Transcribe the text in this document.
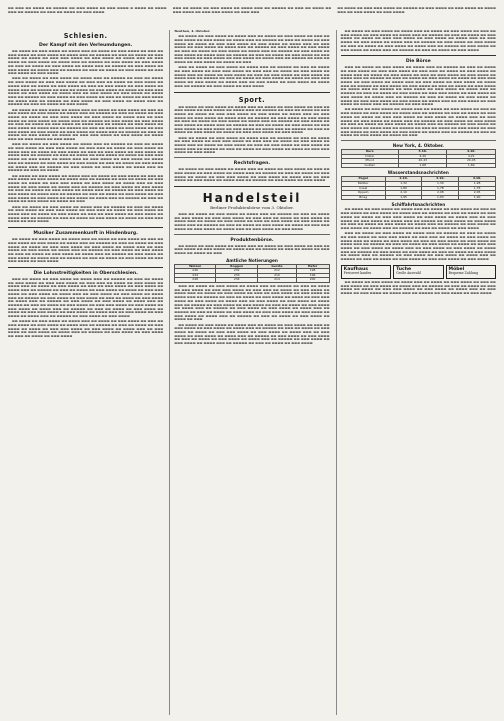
▬▬ ▬▬▬ ▬▬ ▬▬▬▬ ▬▬ ▬▬▬▬▬ ▬▬ ▬▬▬ ▬▬▬▬ ▬▬ ▬▬▬ ▬▬▬▬ ▬ ▬▬▬▬ ▬▬ ▬▬▬▬ ▬▬▬ ▬▬ ▬▬▬▬▬ ▬▬ ▬▬▬ ▬▬ ▬▬▬▬ ▬▬ ▬▬▬ ▬▬▬▬
▬▬▬ ▬▬ ▬▬▬▬ ▬▬ ▬▬▬ ▬▬▬▬ ▬▬ ▬▬▬▬ ▬▬▬ ▬▬ ▬▬▬▬▬ ▬▬ ▬▬▬ ▬▬ ▬▬▬▬ ▬▬ ▬▬▬ ▬▬▬▬ ▬▬ ▬▬▬ ▬▬▬ ▬▬▬▬ ▬▬ ▬▬▬ ▬▬▬
▬▬ ▬▬▬▬ ▬▬ ▬▬▬ ▬▬▬ ▬▬▬▬ ▬▬ ▬▬▬▬▬ ▬▬ ▬▬▬ ▬▬▬▬ ▬▬ ▬▬▬ ▬▬▬▬ ▬▬ ▬▬▬▬ ▬▬▬ ▬▬ ▬▬▬ ▬▬▬▬ ▬▬ ▬▬▬ ▬▬▬▬
Schlesien.
Der Kampf mit den Verleumdungen.
▬▬ ▬▬▬▬ ▬▬ ▬▬▬ ▬▬▬▬ ▬▬ ▬▬▬▬ ▬▬▬ ▬▬ ▬▬▬▬ ▬▬ ▬▬▬ ▬▬▬▬ ▬▬ ▬▬▬ ▬▬ ▬▬▬ ▬▬▬▬ ▬▬ ▬▬▬ ▬▬▬▬ ▬▬ ▬▬▬▬ ▬▬▬ ▬▬ ▬▬▬▬▬ ▬▬ ▬▬▬ ▬▬ ▬▬▬▬ ▬▬ ▬▬▬ ▬▬▬▬ ▬▬ ▬▬▬▬ ▬▬ ▬▬▬ ▬▬▬ ▬▬▬▬ ▬▬ ▬▬▬ ▬▬▬▬ ▬▬ ▬▬▬▬ ▬▬▬ ▬▬ ▬▬▬ ▬▬▬▬ ▬▬ ▬▬▬ ▬▬▬▬ ▬▬ ▬▬▬▬ ▬▬▬ ▬▬ ▬▬▬▬▬ ▬▬ ▬▬▬ ▬▬▬▬ ▬▬ ▬▬▬ ▬▬▬▬ ▬▬ ▬▬▬ ▬▬ ▬▬▬▬ ▬▬ ▬▬▬ ▬▬▬▬ ▬▬ ▬▬▬▬ ▬▬▬ ▬▬ ▬▬▬▬▬ ▬▬ ▬▬▬ ▬▬▬▬ ▬▬ ▬▬▬ ▬▬▬▬ ▬▬ ▬▬▬▬ ▬▬▬ ▬▬ ▬▬▬▬▬ ▬▬ ▬▬▬ ▬▬ ▬▬▬▬ ▬▬ ▬▬▬ ▬▬▬▬ ▬▬ ▬▬▬ ▬▬▬ ▬▬▬▬ ▬▬ ▬▬▬ ▬▬▬▬
▬▬▬ ▬▬ ▬▬▬▬ ▬▬ ▬▬▬ ▬▬▬▬ ▬▬ ▬▬▬▬ ▬▬▬ ▬▬ ▬▬▬▬▬ ▬▬ ▬▬▬ ▬▬ ▬▬▬▬ ▬▬ ▬▬▬ ▬▬▬▬ ▬▬ ▬▬▬ ▬▬▬ ▬▬▬▬ ▬▬ ▬▬▬ ▬▬▬ ▬▬ ▬▬▬▬ ▬▬ ▬▬▬ ▬▬▬▬ ▬▬ ▬▬▬▬ ▬▬▬ ▬▬ ▬▬▬▬ ▬▬ ▬▬▬ ▬▬▬▬ ▬▬ ▬▬▬ ▬▬ ▬▬▬ ▬▬▬▬ ▬▬ ▬▬▬ ▬▬▬▬ ▬▬ ▬▬▬▬ ▬▬▬ ▬▬ ▬▬▬▬▬ ▬▬ ▬▬▬ ▬▬ ▬▬▬▬ ▬▬ ▬▬▬ ▬▬▬▬ ▬▬ ▬▬▬▬ ▬▬ ▬▬▬ ▬▬▬ ▬▬▬▬ ▬▬ ▬▬▬ ▬▬▬▬ ▬▬ ▬▬▬▬ ▬▬▬ ▬▬ ▬▬▬ ▬▬▬▬ ▬▬ ▬▬▬ ▬▬▬▬ ▬▬ ▬▬▬▬ ▬▬▬ ▬▬ ▬▬▬▬▬ ▬▬ ▬▬▬ ▬▬▬▬ ▬▬ ▬▬▬ ▬▬▬▬ ▬▬ ▬▬▬ ▬▬ ▬▬▬▬ ▬▬ ▬▬▬ ▬▬▬▬ ▬▬ ▬▬▬▬ ▬▬▬ ▬▬ ▬▬▬▬▬ ▬▬ ▬▬▬ ▬▬▬▬ ▬▬ ▬▬▬ ▬▬▬▬ ▬▬ ▬▬▬▬ ▬▬▬ ▬▬ ▬▬▬▬▬ ▬▬ ▬▬▬ ▬▬ ▬▬▬▬ ▬▬ ▬▬▬ ▬▬▬▬
▬▬ ▬▬▬▬ ▬▬ ▬▬▬ ▬▬▬▬ ▬▬ ▬▬▬▬ ▬▬▬ ▬▬ ▬▬▬▬ ▬▬ ▬▬▬ ▬▬▬▬ ▬▬ ▬▬▬ ▬▬ ▬▬▬ ▬▬▬▬ ▬▬ ▬▬▬ ▬▬▬▬ ▬▬ ▬▬▬▬ ▬▬▬ ▬▬ ▬▬▬▬▬ ▬▬ ▬▬▬ ▬▬ ▬▬▬▬ ▬▬ ▬▬▬ ▬▬▬▬ ▬▬ ▬▬▬▬ ▬▬ ▬▬▬ ▬▬▬ ▬▬▬▬ ▬▬ ▬▬▬ ▬▬▬▬ ▬▬ ▬▬▬▬ ▬▬▬ ▬▬ ▬▬▬ ▬▬▬▬ ▬▬ ▬▬▬ ▬▬▬▬ ▬▬ ▬▬▬▬ ▬▬▬ ▬▬ ▬▬▬▬▬ ▬▬ ▬▬▬ ▬▬▬▬ ▬▬ ▬▬▬ ▬▬▬▬ ▬▬ ▬▬▬ ▬▬ ▬▬▬▬ ▬▬ ▬▬▬ ▬▬▬▬ ▬▬ ▬▬▬▬ ▬▬▬ ▬▬ ▬▬▬▬▬ ▬▬ ▬▬▬ ▬▬▬▬ ▬▬ ▬▬▬ ▬▬▬▬ ▬▬ ▬▬▬▬ ▬▬▬ ▬▬ ▬▬▬▬▬ ▬▬ ▬▬▬ ▬▬ ▬▬▬▬ ▬▬ ▬▬▬ ▬▬▬▬ ▬▬ ▬▬▬ ▬▬▬ ▬▬▬▬ ▬▬ ▬▬▬ ▬▬▬▬ ▬▬ ▬▬▬ ▬▬▬▬ ▬▬ ▬▬▬▬ ▬▬▬ ▬▬ ▬▬▬▬▬ ▬▬ ▬▬▬ ▬▬ ▬▬▬▬ ▬▬ ▬▬▬ ▬▬▬▬ ▬▬ ▬▬▬▬ ▬▬ ▬▬▬ ▬▬▬ ▬▬▬▬ ▬▬ ▬▬▬ ▬▬▬▬ ▬▬ ▬▬▬▬ ▬▬▬ ▬▬ ▬▬▬ ▬▬▬▬ ▬▬ ▬▬▬ ▬▬▬▬
▬▬▬ ▬▬ ▬▬▬▬ ▬▬ ▬▬▬ ▬▬▬▬ ▬▬ ▬▬▬▬ ▬▬▬ ▬▬ ▬▬▬▬▬ ▬▬ ▬▬▬ ▬▬ ▬▬▬▬ ▬▬ ▬▬▬ ▬▬▬▬ ▬▬ ▬▬▬ ▬▬▬ ▬▬▬▬ ▬▬ ▬▬▬ ▬▬▬ ▬▬ ▬▬▬▬ ▬▬ ▬▬▬ ▬▬▬▬ ▬▬ ▬▬▬▬ ▬▬▬ ▬▬ ▬▬▬▬ ▬▬ ▬▬▬ ▬▬▬▬ ▬▬ ▬▬▬ ▬▬ ▬▬▬ ▬▬▬▬ ▬▬ ▬▬▬ ▬▬▬▬ ▬▬ ▬▬▬▬ ▬▬▬ ▬▬ ▬▬▬▬▬ ▬▬ ▬▬▬ ▬▬ ▬▬▬▬ ▬▬ ▬▬▬ ▬▬▬▬ ▬▬ ▬▬▬▬ ▬▬ ▬▬▬ ▬▬▬ ▬▬▬▬ ▬▬ ▬▬▬ ▬▬▬▬ ▬▬ ▬▬▬▬ ▬▬▬ ▬▬ ▬▬▬ ▬▬▬▬ ▬▬ ▬▬▬ ▬▬▬▬ ▬▬ ▬▬▬▬ ▬▬▬ ▬▬ ▬▬▬▬▬ ▬▬ ▬▬▬ ▬▬▬▬ ▬▬ ▬▬▬ ▬▬▬▬ ▬▬ ▬▬▬ ▬▬ ▬▬▬▬ ▬▬ ▬▬▬ ▬▬▬▬ ▬▬ ▬▬▬▬ ▬▬▬ ▬▬ ▬▬▬▬▬ ▬▬ ▬▬▬ ▬▬▬▬ ▬▬ ▬▬▬ ▬▬▬▬ ▬▬ ▬▬▬▬ ▬▬▬ ▬▬ ▬▬▬▬▬ ▬▬ ▬▬▬ ▬▬ ▬▬▬▬
▬▬ ▬▬▬▬ ▬▬ ▬▬▬ ▬▬▬▬ ▬▬ ▬▬▬▬ ▬▬▬ ▬▬ ▬▬▬▬ ▬▬ ▬▬▬ ▬▬▬▬ ▬▬ ▬▬▬ ▬▬ ▬▬▬ ▬▬▬▬ ▬▬ ▬▬▬ ▬▬▬▬ ▬▬ ▬▬▬▬ ▬▬▬ ▬▬ ▬▬▬▬▬ ▬▬ ▬▬▬ ▬▬ ▬▬▬▬ ▬▬ ▬▬▬ ▬▬▬▬ ▬▬ ▬▬▬▬ ▬▬ ▬▬▬ ▬▬▬ ▬▬▬▬ ▬▬ ▬▬▬ ▬▬▬▬ ▬▬ ▬▬▬▬ ▬▬▬ ▬▬ ▬▬▬ ▬▬▬▬ ▬▬ ▬▬▬ ▬▬▬▬ ▬▬ ▬▬▬▬ ▬▬▬ ▬▬ ▬▬▬▬▬ ▬▬ ▬▬▬ ▬▬▬▬ ▬▬ ▬▬▬ ▬▬▬▬ ▬▬ ▬▬▬ ▬▬ ▬▬▬▬ ▬▬ ▬▬▬ ▬▬▬▬ ▬▬ ▬▬▬▬ ▬▬▬ ▬▬ ▬▬▬▬▬ ▬▬ ▬▬▬ ▬▬▬▬ ▬▬ ▬▬▬ ▬▬▬▬ ▬▬ ▬▬▬▬ ▬▬▬ ▬▬ ▬▬▬▬▬ ▬▬ ▬▬▬ ▬▬ ▬▬▬▬ ▬▬ ▬▬▬ ▬▬▬▬ ▬▬ ▬▬▬ ▬▬▬ ▬▬▬▬ ▬▬ ▬▬▬ ▬▬▬▬ ▬▬ ▬▬▬ ▬▬▬▬ ▬▬ ▬▬▬▬ ▬▬▬ ▬▬ ▬▬▬▬▬ ▬▬ ▬▬▬ ▬▬ ▬▬▬▬ ▬▬ ▬▬▬ ▬▬▬▬ ▬▬ ▬▬▬▬ ▬▬ ▬▬▬
▬▬▬ ▬▬ ▬▬▬▬ ▬▬ ▬▬▬ ▬▬▬▬ ▬▬ ▬▬▬▬ ▬▬▬ ▬▬ ▬▬▬▬▬ ▬▬ ▬▬▬ ▬▬ ▬▬▬▬ ▬▬ ▬▬▬ ▬▬▬▬ ▬▬ ▬▬▬ ▬▬▬ ▬▬▬▬ ▬▬ ▬▬▬ ▬▬▬ ▬▬ ▬▬▬▬ ▬▬ ▬▬▬ ▬▬▬▬ ▬▬ ▬▬▬▬ ▬▬▬ ▬▬ ▬▬▬▬ ▬▬ ▬▬▬ ▬▬▬▬ ▬▬ ▬▬▬ ▬▬ ▬▬▬ ▬▬▬▬ ▬▬ ▬▬▬ ▬▬▬▬ ▬▬ ▬▬▬▬ ▬▬▬ ▬▬ ▬▬▬▬▬ ▬▬ ▬▬▬ ▬▬ ▬▬▬▬ ▬▬ ▬▬▬ ▬▬▬▬ ▬▬ ▬▬▬▬ ▬▬ ▬▬▬ ▬▬▬ ▬▬▬▬ ▬▬ ▬▬▬ ▬▬▬▬
Musiker Zusammenkunft in Hindenburg.
▬▬ ▬▬▬▬ ▬▬ ▬▬▬ ▬▬▬▬ ▬▬ ▬▬▬▬ ▬▬▬ ▬▬ ▬▬▬▬ ▬▬ ▬▬▬ ▬▬▬▬ ▬▬ ▬▬▬ ▬▬ ▬▬▬ ▬▬▬▬ ▬▬ ▬▬▬ ▬▬▬▬ ▬▬ ▬▬▬▬ ▬▬▬ ▬▬ ▬▬▬▬▬ ▬▬ ▬▬▬ ▬▬ ▬▬▬▬ ▬▬ ▬▬▬ ▬▬▬▬ ▬▬ ▬▬▬▬ ▬▬ ▬▬▬ ▬▬▬ ▬▬▬▬ ▬▬ ▬▬▬ ▬▬▬▬ ▬▬ ▬▬▬▬ ▬▬▬ ▬▬ ▬▬▬ ▬▬▬▬ ▬▬ ▬▬▬ ▬▬▬▬ ▬▬ ▬▬▬▬ ▬▬▬ ▬▬ ▬▬▬▬▬ ▬▬ ▬▬▬ ▬▬▬▬ ▬▬ ▬▬▬ ▬▬▬▬ ▬▬ ▬▬▬ ▬▬ ▬▬▬▬ ▬▬ ▬▬▬ ▬▬▬▬ ▬▬ ▬▬▬▬ ▬▬▬ ▬▬ ▬▬▬▬▬ ▬▬ ▬▬▬ ▬▬▬▬ ▬▬ ▬▬▬ ▬▬▬▬ ▬▬ ▬▬▬▬ ▬▬▬ ▬▬ ▬▬▬▬▬ ▬▬ ▬▬▬ ▬▬ ▬▬▬▬ ▬▬ ▬▬▬ ▬▬▬▬ ▬▬ ▬▬▬ ▬▬▬ ▬▬▬▬ ▬▬ ▬▬▬ ▬▬▬▬
Die Lohnstreitigkeiten in Oberschlesien.
▬▬▬ ▬▬ ▬▬▬▬ ▬▬ ▬▬▬ ▬▬▬▬ ▬▬ ▬▬▬▬ ▬▬▬ ▬▬ ▬▬▬▬▬ ▬▬ ▬▬▬ ▬▬ ▬▬▬▬ ▬▬ ▬▬▬ ▬▬▬▬ ▬▬ ▬▬▬ ▬▬▬ ▬▬▬▬ ▬▬ ▬▬▬ ▬▬▬ ▬▬ ▬▬▬▬ ▬▬ ▬▬▬ ▬▬▬▬ ▬▬ ▬▬▬▬ ▬▬▬ ▬▬ ▬▬▬▬ ▬▬ ▬▬▬ ▬▬▬▬ ▬▬ ▬▬▬ ▬▬ ▬▬▬ ▬▬▬▬ ▬▬ ▬▬▬ ▬▬▬▬ ▬▬ ▬▬▬▬ ▬▬▬ ▬▬ ▬▬▬▬▬ ▬▬ ▬▬▬ ▬▬ ▬▬▬▬ ▬▬ ▬▬▬ ▬▬▬▬ ▬▬ ▬▬▬▬ ▬▬ ▬▬▬ ▬▬▬ ▬▬▬▬ ▬▬ ▬▬▬ ▬▬▬▬ ▬▬ ▬▬▬▬ ▬▬▬ ▬▬ ▬▬▬ ▬▬▬▬ ▬▬ ▬▬▬ ▬▬▬▬ ▬▬ ▬▬▬▬ ▬▬▬ ▬▬ ▬▬▬▬▬ ▬▬ ▬▬▬ ▬▬▬▬ ▬▬ ▬▬▬ ▬▬▬▬ ▬▬ ▬▬▬ ▬▬ ▬▬▬▬ ▬▬ ▬▬▬ ▬▬▬▬ ▬▬ ▬▬▬▬ ▬▬▬ ▬▬ ▬▬▬▬▬ ▬▬ ▬▬▬ ▬▬▬▬ ▬▬ ▬▬▬ ▬▬▬▬ ▬▬ ▬▬▬▬ ▬▬▬ ▬▬ ▬▬▬▬▬ ▬▬ ▬▬▬ ▬▬ ▬▬▬▬ ▬▬ ▬▬▬ ▬▬▬▬ ▬▬ ▬▬▬ ▬▬▬ ▬▬▬▬ ▬▬ ▬▬▬ ▬▬▬▬ ▬▬ ▬▬▬ ▬▬▬▬ ▬▬ ▬▬▬▬ ▬▬▬ ▬▬ ▬▬▬▬▬ ▬▬ ▬▬▬ ▬▬ ▬▬▬▬ ▬▬ ▬▬▬ ▬▬▬▬ ▬▬ ▬▬▬▬ ▬▬ ▬▬▬ ▬▬▬ ▬▬▬▬ ▬▬ ▬▬▬ ▬▬▬▬ ▬▬ ▬▬▬▬ ▬▬▬ ▬▬ ▬▬▬ ▬▬▬▬ ▬▬ ▬▬▬ ▬▬▬▬ ▬▬ ▬▬▬▬ ▬▬▬ ▬▬ ▬▬▬▬▬ ▬▬ ▬▬▬ ▬▬▬▬ ▬▬ ▬▬▬ ▬▬▬▬
▬▬ ▬▬▬▬ ▬▬ ▬▬▬ ▬▬▬▬ ▬▬ ▬▬▬▬ ▬▬▬ ▬▬ ▬▬▬▬ ▬▬ ▬▬▬ ▬▬▬▬ ▬▬ ▬▬▬ ▬▬ ▬▬▬ ▬▬▬▬ ▬▬ ▬▬▬ ▬▬▬▬ ▬▬ ▬▬▬▬ ▬▬▬ ▬▬ ▬▬▬▬▬ ▬▬ ▬▬▬ ▬▬ ▬▬▬▬ ▬▬ ▬▬▬ ▬▬▬▬ ▬▬ ▬▬▬▬ ▬▬ ▬▬▬ ▬▬▬ ▬▬▬▬ ▬▬ ▬▬▬ ▬▬▬▬ ▬▬ ▬▬▬▬ ▬▬▬ ▬▬ ▬▬▬ ▬▬▬▬ ▬▬ ▬▬▬ ▬▬▬▬ ▬▬ ▬▬▬▬ ▬▬▬ ▬▬ ▬▬▬▬▬ ▬▬ ▬▬▬ ▬▬▬▬ ▬▬ ▬▬▬ ▬▬▬▬ ▬▬ ▬▬▬ ▬▬ ▬▬▬▬ ▬▬ ▬▬▬ ▬▬▬▬
Beuthen, 4. Oktober.
▬▬ ▬▬▬▬ ▬▬ ▬▬▬ ▬▬▬▬ ▬▬ ▬▬▬▬ ▬▬▬ ▬▬ ▬▬▬▬ ▬▬ ▬▬▬ ▬▬▬▬ ▬▬ ▬▬▬ ▬▬ ▬▬▬ ▬▬▬▬ ▬▬ ▬▬▬ ▬▬▬▬ ▬▬ ▬▬▬▬ ▬▬▬ ▬▬ ▬▬▬▬▬ ▬▬ ▬▬▬ ▬▬ ▬▬▬▬ ▬▬ ▬▬▬ ▬▬▬▬ ▬▬ ▬▬▬▬ ▬▬ ▬▬▬ ▬▬▬ ▬▬▬▬ ▬▬ ▬▬▬ ▬▬▬▬ ▬▬ ▬▬▬▬ ▬▬▬ ▬▬ ▬▬▬ ▬▬▬▬ ▬▬ ▬▬▬ ▬▬▬▬ ▬▬ ▬▬▬▬ ▬▬▬ ▬▬ ▬▬▬▬▬ ▬▬ ▬▬▬ ▬▬▬▬ ▬▬ ▬▬▬ ▬▬▬▬ ▬▬ ▬▬▬ ▬▬ ▬▬▬▬ ▬▬ ▬▬▬ ▬▬▬▬ ▬▬ ▬▬▬▬ ▬▬▬ ▬▬ ▬▬▬▬▬ ▬▬ ▬▬▬ ▬▬▬▬ ▬▬ ▬▬▬ ▬▬▬▬ ▬▬ ▬▬▬▬ ▬▬▬ ▬▬ ▬▬▬▬▬ ▬▬ ▬▬▬ ▬▬ ▬▬▬▬ ▬▬ ▬▬▬ ▬▬▬▬ ▬▬ ▬▬▬ ▬▬▬ ▬▬▬▬ ▬▬ ▬▬▬ ▬▬▬▬ ▬▬ ▬▬▬ ▬▬▬▬ ▬▬ ▬▬▬▬ ▬▬▬ ▬▬ ▬▬▬▬▬ ▬▬ ▬▬▬ ▬▬ ▬▬▬▬ ▬▬ ▬▬▬ ▬▬▬▬ ▬▬ ▬▬▬▬ ▬▬ ▬▬▬
▬▬▬ ▬▬ ▬▬▬▬ ▬▬ ▬▬▬ ▬▬▬▬ ▬▬ ▬▬▬▬ ▬▬▬ ▬▬ ▬▬▬▬▬ ▬▬ ▬▬▬ ▬▬ ▬▬▬▬ ▬▬ ▬▬▬ ▬▬▬▬ ▬▬ ▬▬▬ ▬▬▬ ▬▬▬▬ ▬▬ ▬▬▬ ▬▬▬ ▬▬ ▬▬▬▬ ▬▬ ▬▬▬ ▬▬▬▬ ▬▬ ▬▬▬▬ ▬▬▬ ▬▬ ▬▬▬▬ ▬▬ ▬▬▬ ▬▬▬▬ ▬▬ ▬▬▬ ▬▬ ▬▬▬ ▬▬▬▬ ▬▬ ▬▬▬ ▬▬▬▬ ▬▬ ▬▬▬▬ ▬▬▬ ▬▬ ▬▬▬▬▬ ▬▬ ▬▬▬ ▬▬ ▬▬▬▬ ▬▬ ▬▬▬ ▬▬▬▬ ▬▬ ▬▬▬▬ ▬▬ ▬▬▬ ▬▬▬ ▬▬▬▬ ▬▬ ▬▬▬ ▬▬▬▬ ▬▬ ▬▬▬▬ ▬▬▬ ▬▬ ▬▬▬ ▬▬▬▬ ▬▬ ▬▬▬ ▬▬▬▬ ▬▬ ▬▬▬▬ ▬▬▬ ▬▬ ▬▬▬▬▬ ▬▬ ▬▬▬ ▬▬▬▬ ▬▬ ▬▬▬ ▬▬▬▬
Sport.
▬▬ ▬▬▬▬ ▬▬ ▬▬▬ ▬▬▬▬ ▬▬ ▬▬▬▬ ▬▬▬ ▬▬ ▬▬▬▬ ▬▬ ▬▬▬ ▬▬▬▬ ▬▬ ▬▬▬ ▬▬ ▬▬▬ ▬▬▬▬ ▬▬ ▬▬▬ ▬▬▬▬ ▬▬ ▬▬▬▬ ▬▬▬ ▬▬ ▬▬▬▬▬ ▬▬ ▬▬▬ ▬▬ ▬▬▬▬ ▬▬ ▬▬▬ ▬▬▬▬ ▬▬ ▬▬▬▬ ▬▬ ▬▬▬ ▬▬▬ ▬▬▬▬ ▬▬ ▬▬▬ ▬▬▬▬ ▬▬ ▬▬▬▬ ▬▬▬ ▬▬ ▬▬▬ ▬▬▬▬ ▬▬ ▬▬▬ ▬▬▬▬ ▬▬ ▬▬▬▬ ▬▬▬ ▬▬ ▬▬▬▬▬ ▬▬ ▬▬▬ ▬▬▬▬ ▬▬ ▬▬▬ ▬▬▬▬ ▬▬ ▬▬▬ ▬▬ ▬▬▬▬ ▬▬ ▬▬▬ ▬▬▬▬ ▬▬ ▬▬▬▬ ▬▬▬ ▬▬ ▬▬▬▬▬ ▬▬ ▬▬▬ ▬▬▬▬ ▬▬ ▬▬▬ ▬▬▬▬ ▬▬ ▬▬▬▬ ▬▬▬ ▬▬ ▬▬▬▬▬ ▬▬ ▬▬▬ ▬▬ ▬▬▬▬ ▬▬ ▬▬▬ ▬▬▬▬ ▬▬ ▬▬▬ ▬▬▬ ▬▬▬▬ ▬▬ ▬▬▬ ▬▬▬▬ ▬▬ ▬▬▬ ▬▬▬▬ ▬▬ ▬▬▬▬ ▬▬▬ ▬▬ ▬▬▬▬▬ ▬▬ ▬▬▬ ▬▬ ▬▬▬▬ ▬▬ ▬▬▬ ▬▬▬▬ ▬▬ ▬▬▬▬ ▬▬ ▬▬▬ ▬▬▬ ▬▬▬▬ ▬▬ ▬▬▬ ▬▬▬▬
▬▬▬ ▬▬ ▬▬▬▬ ▬▬ ▬▬▬ ▬▬▬▬ ▬▬ ▬▬▬▬ ▬▬▬ ▬▬ ▬▬▬▬▬ ▬▬ ▬▬▬ ▬▬ ▬▬▬▬ ▬▬ ▬▬▬ ▬▬▬▬ ▬▬ ▬▬▬ ▬▬▬ ▬▬▬▬ ▬▬ ▬▬▬ ▬▬▬ ▬▬ ▬▬▬▬ ▬▬ ▬▬▬ ▬▬▬▬ ▬▬ ▬▬▬▬ ▬▬▬ ▬▬ ▬▬▬▬ ▬▬ ▬▬▬ ▬▬▬▬ ▬▬ ▬▬▬ ▬▬ ▬▬▬ ▬▬▬▬ ▬▬ ▬▬▬ ▬▬▬▬ ▬▬ ▬▬▬▬ ▬▬▬ ▬▬ ▬▬▬▬▬ ▬▬ ▬▬▬ ▬▬ ▬▬▬▬ ▬▬ ▬▬▬ ▬▬▬▬ ▬▬ ▬▬▬▬ ▬▬ ▬▬▬ ▬▬▬ ▬▬▬▬ ▬▬ ▬▬▬ ▬▬▬▬
Rechtsfragen.
▬▬ ▬▬▬▬ ▬▬ ▬▬▬ ▬▬▬▬ ▬▬ ▬▬▬▬ ▬▬▬ ▬▬ ▬▬▬▬ ▬▬ ▬▬▬ ▬▬▬▬ ▬▬ ▬▬▬ ▬▬ ▬▬▬ ▬▬▬▬ ▬▬ ▬▬▬ ▬▬▬▬ ▬▬ ▬▬▬▬ ▬▬▬ ▬▬ ▬▬▬▬▬ ▬▬ ▬▬▬ ▬▬ ▬▬▬▬ ▬▬ ▬▬▬ ▬▬▬▬ ▬▬ ▬▬▬▬ ▬▬ ▬▬▬ ▬▬▬ ▬▬▬▬ ▬▬ ▬▬▬ ▬▬▬▬ ▬▬ ▬▬▬▬ ▬▬▬ ▬▬ ▬▬▬ ▬▬▬▬ ▬▬ ▬▬▬ ▬▬▬▬ ▬▬ ▬▬▬▬ ▬▬▬ ▬▬ ▬▬▬▬▬ ▬▬ ▬▬▬ ▬▬▬▬ ▬▬ ▬▬▬ ▬▬▬▬
Handelsteil
Berliner Produktenbörse vom 3. Oktober.
▬▬▬ ▬▬ ▬▬▬▬ ▬▬ ▬▬▬ ▬▬▬▬ ▬▬ ▬▬▬▬ ▬▬▬ ▬▬ ▬▬▬▬▬ ▬▬ ▬▬▬ ▬▬ ▬▬▬▬ ▬▬ ▬▬▬ ▬▬▬▬ ▬▬ ▬▬▬ ▬▬▬ ▬▬▬▬ ▬▬ ▬▬▬ ▬▬▬ ▬▬ ▬▬▬▬ ▬▬ ▬▬▬ ▬▬▬▬ ▬▬ ▬▬▬▬ ▬▬▬ ▬▬ ▬▬▬▬ ▬▬ ▬▬▬ ▬▬▬▬ ▬▬ ▬▬▬ ▬▬ ▬▬▬ ▬▬▬▬ ▬▬ ▬▬▬ ▬▬▬▬ ▬▬ ▬▬▬▬ ▬▬▬ ▬▬ ▬▬▬▬▬ ▬▬ ▬▬▬ ▬▬ ▬▬▬▬ ▬▬ ▬▬▬ ▬▬▬▬ ▬▬ ▬▬▬▬ ▬▬ ▬▬▬ ▬▬▬ ▬▬▬▬ ▬▬ ▬▬▬ ▬▬▬▬ ▬▬ ▬▬▬▬ ▬▬▬ ▬▬ ▬▬▬ ▬▬▬▬ ▬▬ ▬▬▬ ▬▬▬▬
Produktenbörse.
▬▬ ▬▬▬▬ ▬▬ ▬▬▬ ▬▬▬▬ ▬▬ ▬▬▬▬ ▬▬▬ ▬▬ ▬▬▬▬ ▬▬ ▬▬▬ ▬▬▬▬ ▬▬ ▬▬▬ ▬▬ ▬▬▬ ▬▬▬▬ ▬▬ ▬▬▬ ▬▬▬▬ ▬▬ ▬▬▬▬ ▬▬▬ ▬▬ ▬▬▬▬▬ ▬▬ ▬▬▬ ▬▬ ▬▬▬▬ ▬▬ ▬▬▬ ▬▬▬▬ ▬▬ ▬▬▬▬ ▬▬ ▬▬▬
Amtliche Notierungen
Weizen	Roggen	Gerste	Hafer
246	232	212	198
244	230	210	196
248	234	214	200
▬▬▬ ▬▬ ▬▬▬▬ ▬▬ ▬▬▬ ▬▬▬▬ ▬▬ ▬▬▬▬ ▬▬▬ ▬▬ ▬▬▬▬▬ ▬▬ ▬▬▬ ▬▬ ▬▬▬▬ ▬▬ ▬▬▬ ▬▬▬▬ ▬▬ ▬▬▬ ▬▬▬ ▬▬▬▬ ▬▬ ▬▬▬ ▬▬▬ ▬▬ ▬▬▬▬ ▬▬ ▬▬▬ ▬▬▬▬ ▬▬ ▬▬▬▬ ▬▬▬ ▬▬ ▬▬▬▬ ▬▬ ▬▬▬ ▬▬▬▬ ▬▬ ▬▬▬ ▬▬ ▬▬▬ ▬▬▬▬ ▬▬ ▬▬▬ ▬▬▬▬ ▬▬ ▬▬▬▬ ▬▬▬ ▬▬ ▬▬▬▬▬ ▬▬ ▬▬▬ ▬▬ ▬▬▬▬ ▬▬ ▬▬▬ ▬▬▬▬ ▬▬ ▬▬▬▬ ▬▬ ▬▬▬ ▬▬▬ ▬▬▬▬ ▬▬ ▬▬▬ ▬▬▬▬ ▬▬ ▬▬▬▬ ▬▬▬ ▬▬ ▬▬▬ ▬▬▬▬ ▬▬ ▬▬▬ ▬▬▬▬ ▬▬ ▬▬▬▬ ▬▬▬ ▬▬ ▬▬▬▬▬ ▬▬ ▬▬▬ ▬▬▬▬ ▬▬ ▬▬▬ ▬▬▬▬ ▬▬ ▬▬▬ ▬▬ ▬▬▬▬ ▬▬ ▬▬▬ ▬▬▬▬ ▬▬ ▬▬▬▬ ▬▬▬ ▬▬ ▬▬▬▬▬ ▬▬ ▬▬▬ ▬▬▬▬ ▬▬ ▬▬▬ ▬▬▬▬ ▬▬ ▬▬▬▬ ▬▬▬ ▬▬ ▬▬▬▬▬ ▬▬ ▬▬▬ ▬▬ ▬▬▬▬ ▬▬ ▬▬▬ ▬▬▬▬ ▬▬ ▬▬▬ ▬▬▬ ▬▬▬▬ ▬▬ ▬▬▬ ▬▬▬▬ ▬▬ ▬▬▬ ▬▬▬▬ ▬▬ ▬▬▬▬ ▬▬▬ ▬▬ ▬▬▬▬▬ ▬▬ ▬▬▬ ▬▬ ▬▬▬▬ ▬▬ ▬▬▬ ▬▬▬▬ ▬▬ ▬▬▬▬ ▬▬ ▬▬▬
▬▬ ▬▬▬▬ ▬▬ ▬▬▬ ▬▬▬▬ ▬▬ ▬▬▬▬ ▬▬▬ ▬▬ ▬▬▬▬ ▬▬ ▬▬▬ ▬▬▬▬ ▬▬ ▬▬▬ ▬▬ ▬▬▬ ▬▬▬▬ ▬▬ ▬▬▬ ▬▬▬▬ ▬▬ ▬▬▬▬ ▬▬▬ ▬▬ ▬▬▬▬▬ ▬▬ ▬▬▬ ▬▬ ▬▬▬▬ ▬▬ ▬▬▬ ▬▬▬▬ ▬▬ ▬▬▬▬ ▬▬ ▬▬▬ ▬▬▬ ▬▬▬▬ ▬▬ ▬▬▬ ▬▬▬▬ ▬▬ ▬▬▬▬ ▬▬▬ ▬▬ ▬▬▬ ▬▬▬▬ ▬▬ ▬▬▬ ▬▬▬▬ ▬▬ ▬▬▬▬ ▬▬▬ ▬▬ ▬▬▬▬▬ ▬▬ ▬▬▬ ▬▬▬▬ ▬▬ ▬▬▬ ▬▬▬▬ ▬▬ ▬▬▬ ▬▬ ▬▬▬▬ ▬▬ ▬▬▬ ▬▬▬▬ ▬▬ ▬▬▬▬ ▬▬▬ ▬▬ ▬▬▬▬▬ ▬▬ ▬▬▬ ▬▬▬▬ ▬▬ ▬▬▬ ▬▬▬▬ ▬▬ ▬▬▬▬ ▬▬▬ ▬▬ ▬▬▬▬▬ ▬▬ ▬▬▬ ▬▬ ▬▬▬▬ ▬▬ ▬▬▬ ▬▬▬▬
▬▬ ▬▬▬▬ ▬▬ ▬▬▬ ▬▬▬▬ ▬▬ ▬▬▬▬ ▬▬▬ ▬▬ ▬▬▬▬ ▬▬ ▬▬▬ ▬▬▬▬ ▬▬ ▬▬▬ ▬▬ ▬▬▬ ▬▬▬▬ ▬▬ ▬▬▬ ▬▬▬▬ ▬▬ ▬▬▬▬ ▬▬▬ ▬▬ ▬▬▬▬▬ ▬▬ ▬▬▬ ▬▬ ▬▬▬▬ ▬▬ ▬▬▬ ▬▬▬▬ ▬▬ ▬▬▬▬ ▬▬ ▬▬▬ ▬▬▬ ▬▬▬▬ ▬▬ ▬▬▬ ▬▬▬▬ ▬▬ ▬▬▬▬ ▬▬▬ ▬▬ ▬▬▬ ▬▬▬▬ ▬▬ ▬▬▬ ▬▬▬▬ ▬▬ ▬▬▬▬ ▬▬▬ ▬▬ ▬▬▬▬▬ ▬▬ ▬▬▬ ▬▬▬▬ ▬▬ ▬▬▬ ▬▬▬▬ ▬▬ ▬▬▬ ▬▬ ▬▬▬▬ ▬▬ ▬▬▬ ▬▬▬▬ ▬▬ ▬▬▬▬ ▬▬▬ ▬▬ ▬▬▬▬▬ ▬▬ ▬▬▬ ▬▬▬▬ ▬▬ ▬▬▬ ▬▬▬▬ ▬▬ ▬▬▬▬ ▬▬▬ ▬▬ ▬▬▬▬▬ ▬▬ ▬▬▬ ▬▬ ▬▬▬▬ ▬▬ ▬▬▬ ▬▬▬▬
Die Börse
▬▬▬ ▬▬ ▬▬▬▬ ▬▬ ▬▬▬ ▬▬▬▬ ▬▬ ▬▬▬▬ ▬▬▬ ▬▬ ▬▬▬▬▬ ▬▬ ▬▬▬ ▬▬ ▬▬▬▬ ▬▬ ▬▬▬ ▬▬▬▬ ▬▬ ▬▬▬ ▬▬▬ ▬▬▬▬ ▬▬ ▬▬▬ ▬▬▬ ▬▬ ▬▬▬▬ ▬▬ ▬▬▬ ▬▬▬▬ ▬▬ ▬▬▬▬ ▬▬▬ ▬▬ ▬▬▬▬ ▬▬ ▬▬▬ ▬▬▬▬ ▬▬ ▬▬▬ ▬▬ ▬▬▬ ▬▬▬▬ ▬▬ ▬▬▬ ▬▬▬▬ ▬▬ ▬▬▬▬ ▬▬▬ ▬▬ ▬▬▬▬▬ ▬▬ ▬▬▬ ▬▬ ▬▬▬▬ ▬▬ ▬▬▬ ▬▬▬▬ ▬▬ ▬▬▬▬ ▬▬ ▬▬▬ ▬▬▬ ▬▬▬▬ ▬▬ ▬▬▬ ▬▬▬▬ ▬▬ ▬▬▬▬ ▬▬▬ ▬▬ ▬▬▬ ▬▬▬▬ ▬▬ ▬▬▬ ▬▬▬▬ ▬▬ ▬▬▬▬ ▬▬▬ ▬▬ ▬▬▬▬▬ ▬▬ ▬▬▬ ▬▬▬▬ ▬▬ ▬▬▬ ▬▬▬▬ ▬▬ ▬▬▬ ▬▬ ▬▬▬▬ ▬▬ ▬▬▬ ▬▬▬▬ ▬▬ ▬▬▬▬ ▬▬▬ ▬▬ ▬▬▬▬▬ ▬▬ ▬▬▬ ▬▬▬▬ ▬▬ ▬▬▬ ▬▬▬▬ ▬▬ ▬▬▬▬ ▬▬▬ ▬▬ ▬▬▬▬▬ ▬▬ ▬▬▬ ▬▬ ▬▬▬▬ ▬▬ ▬▬▬ ▬▬▬▬ ▬▬ ▬▬▬ ▬▬▬ ▬▬▬▬ ▬▬ ▬▬▬ ▬▬▬▬ ▬▬ ▬▬▬ ▬▬▬▬ ▬▬ ▬▬▬▬ ▬▬▬ ▬▬ ▬▬▬▬▬ ▬▬ ▬▬▬ ▬▬ ▬▬▬▬ ▬▬ ▬▬▬ ▬▬▬▬ ▬▬ ▬▬▬▬ ▬▬ ▬▬▬ ▬▬▬ ▬▬▬▬ ▬▬ ▬▬▬ ▬▬▬▬ ▬▬ ▬▬▬▬ ▬▬▬ ▬▬ ▬▬▬ ▬▬▬▬ ▬▬ ▬▬▬ ▬▬▬▬ ▬▬ ▬▬▬▬ ▬▬▬ ▬▬ ▬▬▬▬▬ ▬▬ ▬▬▬ ▬▬▬▬
▬▬ ▬▬▬▬ ▬▬ ▬▬▬ ▬▬▬▬ ▬▬ ▬▬▬▬ ▬▬▬ ▬▬ ▬▬▬▬ ▬▬ ▬▬▬ ▬▬▬▬ ▬▬ ▬▬▬ ▬▬ ▬▬▬ ▬▬▬▬ ▬▬ ▬▬▬ ▬▬▬▬ ▬▬ ▬▬▬▬ ▬▬▬ ▬▬ ▬▬▬▬▬ ▬▬ ▬▬▬ ▬▬ ▬▬▬▬ ▬▬ ▬▬▬ ▬▬▬▬ ▬▬ ▬▬▬▬ ▬▬ ▬▬▬ ▬▬▬ ▬▬▬▬ ▬▬ ▬▬▬ ▬▬▬▬ ▬▬ ▬▬▬▬ ▬▬▬ ▬▬ ▬▬▬ ▬▬▬▬ ▬▬ ▬▬▬ ▬▬▬▬ ▬▬ ▬▬▬▬ ▬▬▬ ▬▬ ▬▬▬▬▬ ▬▬ ▬▬▬ ▬▬▬▬ ▬▬ ▬▬▬ ▬▬▬▬ ▬▬ ▬▬▬ ▬▬ ▬▬▬▬ ▬▬ ▬▬▬ ▬▬▬▬ ▬▬ ▬▬▬▬ ▬▬▬ ▬▬ ▬▬▬▬▬ ▬▬ ▬▬▬ ▬▬▬▬ ▬▬ ▬▬▬ ▬▬▬▬ ▬▬ ▬▬▬▬ ▬▬▬ ▬▬ ▬▬▬▬▬ ▬▬ ▬▬▬ ▬▬ ▬▬▬▬ ▬▬ ▬▬▬ ▬▬▬▬ ▬▬ ▬▬▬ ▬▬▬ ▬▬▬▬ ▬▬ ▬▬▬ ▬▬▬▬ ▬▬ ▬▬▬ ▬▬▬▬ ▬▬ ▬▬▬▬ ▬▬▬ ▬▬ ▬▬▬▬▬ ▬▬ ▬▬▬ ▬▬ ▬▬▬▬ ▬▬ ▬▬▬ ▬▬▬▬ ▬▬ ▬▬▬▬ ▬▬ ▬▬▬
New York, 4. Oktober.
Kurs	3.10.	4.10.
Dollar	4,20	4,21
Pfund	20,43	20,45
Gulden	1,68	1,69
Wasserstandsnachrichten
Pegel	2.10.	3.10.	4.10.
Ratibor	1,32	1,30	1,28
Cosel	1,80	1,78	1,76
Oppeln	2,10	2,08	2,05
Brieg	1,95	1,93	1,90
Schiffahrtsnachrichten
▬▬ ▬▬▬▬ ▬▬ ▬▬▬ ▬▬▬▬ ▬▬ ▬▬▬▬ ▬▬▬ ▬▬ ▬▬▬▬ ▬▬ ▬▬▬ ▬▬▬▬ ▬▬ ▬▬▬ ▬▬ ▬▬▬ ▬▬▬▬ ▬▬ ▬▬▬ ▬▬▬▬ ▬▬ ▬▬▬▬ ▬▬▬ ▬▬ ▬▬▬▬▬ ▬▬ ▬▬▬ ▬▬ ▬▬▬▬ ▬▬ ▬▬▬ ▬▬▬▬ ▬▬ ▬▬▬▬ ▬▬ ▬▬▬ ▬▬▬ ▬▬▬▬ ▬▬ ▬▬▬ ▬▬▬▬ ▬▬ ▬▬▬▬ ▬▬▬ ▬▬ ▬▬▬ ▬▬▬▬ ▬▬ ▬▬▬ ▬▬▬▬ ▬▬ ▬▬▬▬ ▬▬▬ ▬▬ ▬▬▬▬▬ ▬▬ ▬▬▬ ▬▬▬▬ ▬▬ ▬▬▬ ▬▬▬▬ ▬▬ ▬▬▬ ▬▬ ▬▬▬▬ ▬▬ ▬▬▬ ▬▬▬▬ ▬▬ ▬▬▬▬ ▬▬▬ ▬▬ ▬▬▬▬▬ ▬▬ ▬▬▬ ▬▬▬▬ ▬▬ ▬▬▬ ▬▬▬▬ ▬▬ ▬▬▬▬ ▬▬▬ ▬▬ ▬▬▬▬▬ ▬▬ ▬▬▬ ▬▬ ▬▬▬▬ ▬▬ ▬▬▬ ▬▬▬▬
▬▬▬ ▬▬ ▬▬▬▬ ▬▬ ▬▬▬ ▬▬▬▬ ▬▬ ▬▬▬▬ ▬▬▬ ▬▬ ▬▬▬▬▬ ▬▬ ▬▬▬ ▬▬ ▬▬▬▬ ▬▬ ▬▬▬ ▬▬▬▬ ▬▬ ▬▬▬ ▬▬▬ ▬▬▬▬ ▬▬ ▬▬▬ ▬▬▬ ▬▬ ▬▬▬▬ ▬▬ ▬▬▬ ▬▬▬▬ ▬▬ ▬▬▬▬ ▬▬▬ ▬▬ ▬▬▬▬ ▬▬ ▬▬▬ ▬▬▬▬ ▬▬ ▬▬▬ ▬▬ ▬▬▬ ▬▬▬▬ ▬▬ ▬▬▬ ▬▬▬▬ ▬▬ ▬▬▬▬ ▬▬▬ ▬▬ ▬▬▬▬▬ ▬▬ ▬▬▬ ▬▬ ▬▬▬▬ ▬▬ ▬▬▬ ▬▬▬▬ ▬▬ ▬▬▬▬ ▬▬ ▬▬▬ ▬▬▬ ▬▬▬▬ ▬▬ ▬▬▬ ▬▬▬▬ ▬▬ ▬▬▬▬ ▬▬▬ ▬▬ ▬▬▬ ▬▬▬▬ ▬▬ ▬▬▬ ▬▬▬▬ ▬▬ ▬▬▬▬ ▬▬▬ ▬▬ ▬▬▬▬▬ ▬▬ ▬▬▬ ▬▬▬▬ ▬▬ ▬▬▬ ▬▬▬▬ ▬▬ ▬▬▬ ▬▬ ▬▬▬▬ ▬▬ ▬▬▬ ▬▬▬▬ ▬▬ ▬▬▬▬ ▬▬▬ ▬▬ ▬▬▬▬▬ ▬▬ ▬▬▬ ▬▬▬▬ ▬▬ ▬▬▬ ▬▬▬▬ ▬▬ ▬▬▬▬ ▬▬▬ ▬▬ ▬▬▬▬▬ ▬▬ ▬▬▬ ▬▬ ▬▬▬▬ ▬▬ ▬▬▬ ▬▬▬▬ ▬▬ ▬▬▬ ▬▬▬ ▬▬▬▬ ▬▬ ▬▬▬ ▬▬▬▬
Kaufhaus
Preiswert kaufen
Tuche
Große Auswahl
Möbel
Bequeme Zahlung
▬▬ ▬▬▬▬ ▬▬ ▬▬▬ ▬▬▬▬ ▬▬ ▬▬▬▬ ▬▬▬ ▬▬ ▬▬▬▬ ▬▬ ▬▬▬ ▬▬▬▬ ▬▬ ▬▬▬ ▬▬ ▬▬▬ ▬▬▬▬ ▬▬ ▬▬▬ ▬▬▬▬ ▬▬ ▬▬▬▬ ▬▬▬ ▬▬ ▬▬▬▬▬ ▬▬ ▬▬▬ ▬▬ ▬▬▬▬ ▬▬ ▬▬▬ ▬▬▬▬ ▬▬ ▬▬▬▬ ▬▬ ▬▬▬ ▬▬▬ ▬▬▬▬ ▬▬ ▬▬▬ ▬▬▬▬ ▬▬ ▬▬▬▬ ▬▬▬ ▬▬ ▬▬▬ ▬▬▬▬ ▬▬ ▬▬▬ ▬▬▬▬ ▬▬ ▬▬▬▬ ▬▬▬ ▬▬ ▬▬▬▬▬ ▬▬ ▬▬▬ ▬▬▬▬ ▬▬ ▬▬▬ ▬▬▬▬
